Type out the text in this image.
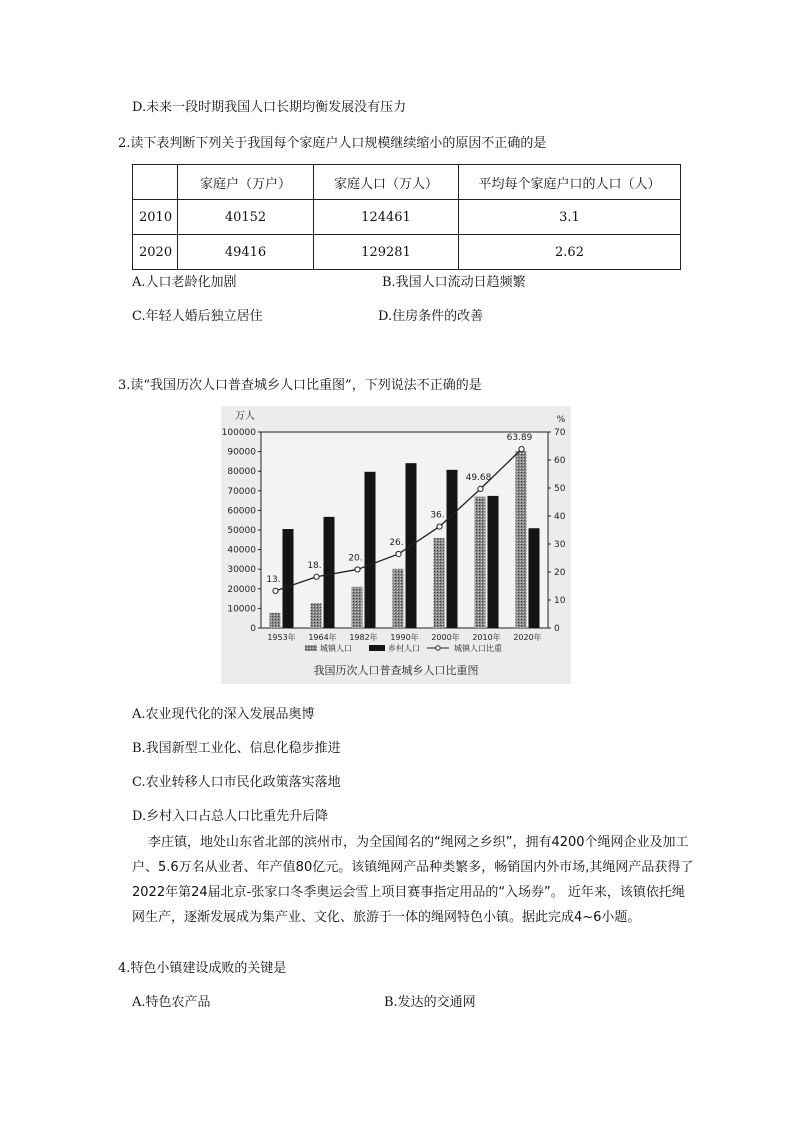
D.未来一段时期我国人口长期均衡发展没有压力
2.读下表判断下列关于我国每个家庭户人口规模继续缩小的原因不正确的是
	家庭户（万户）	家庭人口（万人）	平均每个家庭户口的人口（人）
2010	40152	124461	3.1
2020	49416	129281	2.62
A.人口老龄化加剧	B.我国人口流动日趋频繁
C.年轻人婚后独立居住	D.住房条件的改善
3.读“我国历次人口普查城乡人口比重图”，下列说法不正确的是
万人	%
0
10000
20000
30000
40000
50000
60000
70000
80000
90000
100000
0
10
20
30
40
50
60
70
1953年 1964年 1982年 1990年 2000年 2010年 2020年
13.
18.
20.
26.
36.
49.68
63.89
城镇人口	乡村人口	城镇人口比重
我国历次人口普查城乡人口比重图
A.农业现代化的深入发展品奥博
B.我国新型工业化、信息化稳步推进
C.农业转移人口市民化政策落实落地
D.乡村入口占总人口比重先升后降
李庄镇，地处山东省北部的滨州市，为全国闻名的“绳网之乡织”，拥有4200个绳网企业及加工户、5.6万名从业者、年产值80亿元。该镇绳网产品种类繁多，畅销国内外市场,其绳网产品获得了2022年第24届北京-张家口冬季奥运会雪上项目赛事指定用品的“入场券”。 近年来，该镇依托绳网生产，逐渐发展成为集产业、文化、旅游于一体的绳网特色小镇。据此完成4~6小题。
4.特色小镇建设成败的关键是
A.特色农产品	B.发达的交通网
